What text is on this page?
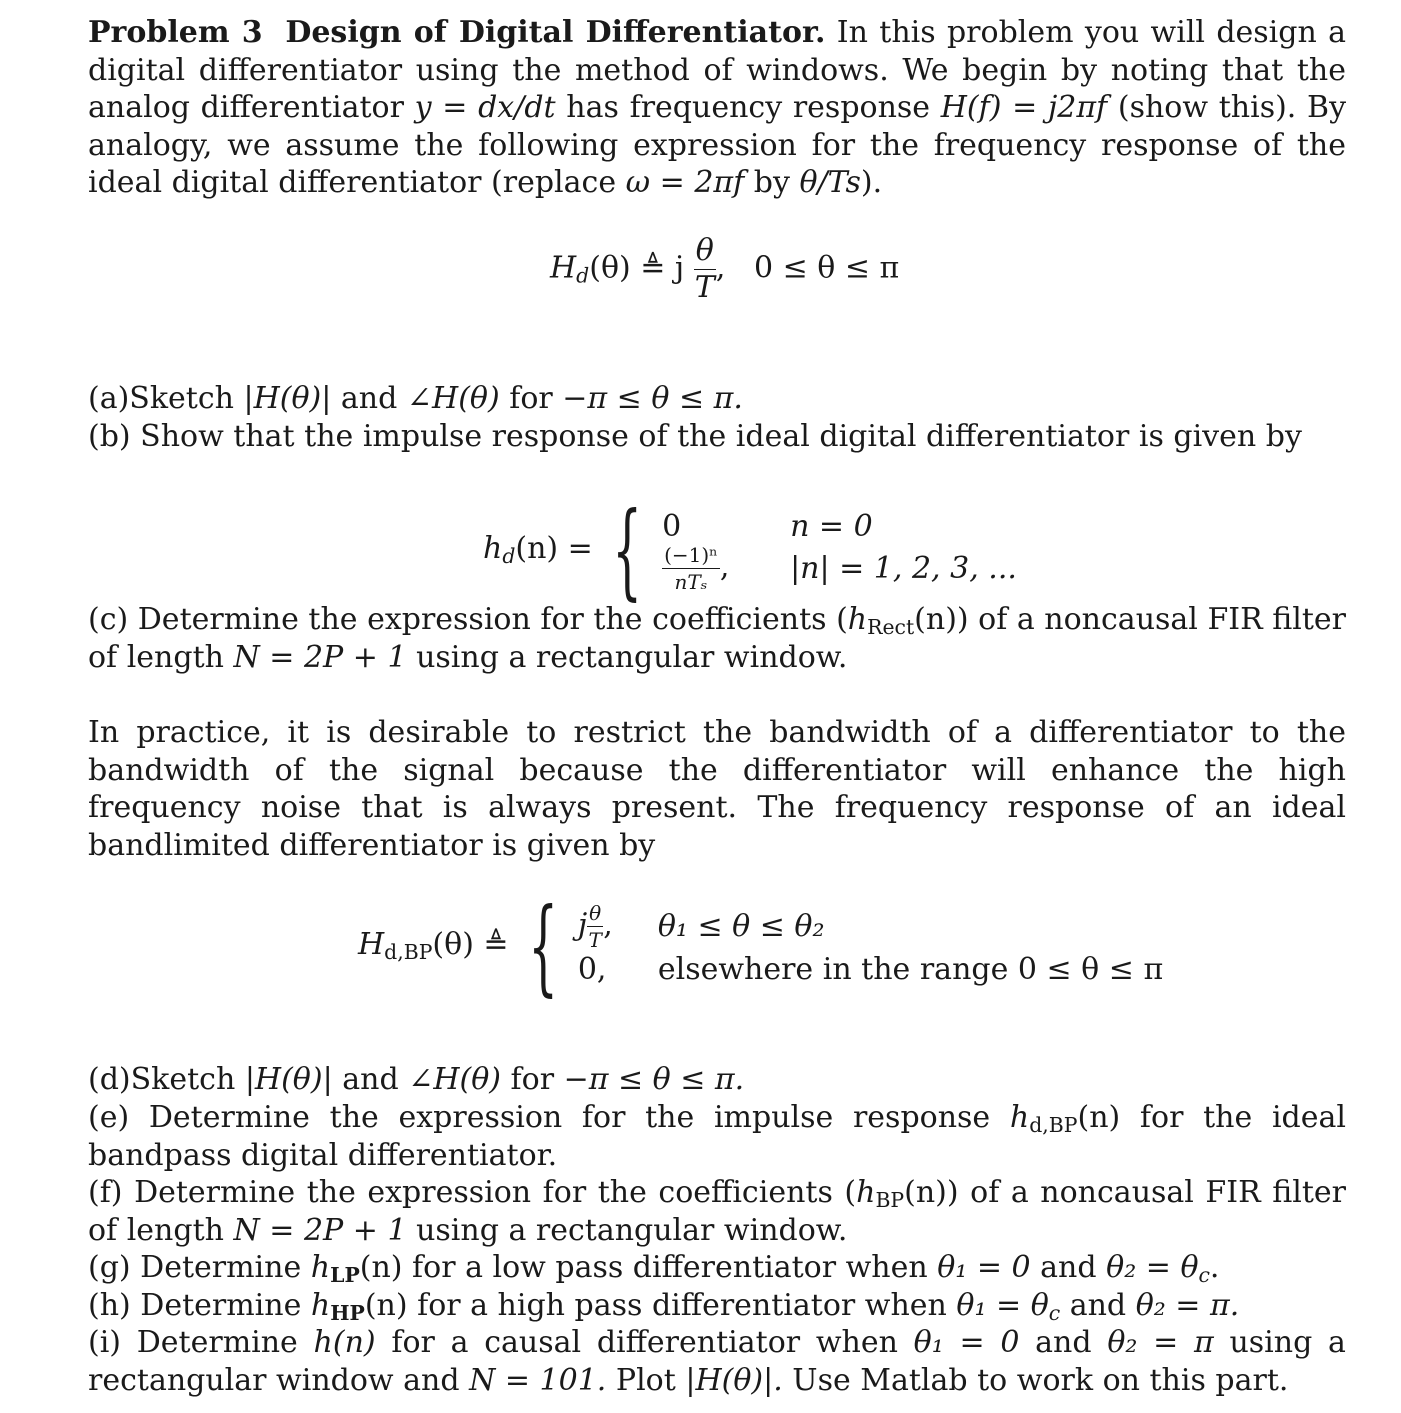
Problem 3 Design of Digital Differentiator. In this problem you will design a digital differentiator using the method of windows. We begin by noting that the analog differentiator y = dx/dt has frequency response H(f) = j2πf (show this). By analogy, we assume the following expression for the frequency response of the ideal digital differentiator (replace ω = 2πf by θ/Ts).

$H_d(\theta)$ ≜ j $\frac{\theta}{T}$ ,   0 ≤ θ ≤ π

(a)Sketch |H(θ)| and ∠H(θ) for −π ≤ θ ≤ π.

(b) Show that the impulse response of the ideal digital differentiator is given by

$h_d(n)$ = { 0	n = 0

$\frac{\text{(−1)ⁿ}}{\text{nTₛ}}$ ,	|n| = 1, 2, 3, ...

(c) Determine the expression for the coefficients $(h_{Rect}(n))$ of a noncausal FIR filter of length N = 2P + 1 using a rectangular window.

In practice, it is desirable to restrict the bandwidth of a differentiator to the bandwidth of the signal because the differentiator will enhance the high frequency noise that is always present. The frequency response of an ideal bandlimited differentiator is given by

$H_{d,BP}(\theta)$ ≜ { j $\frac{\theta}{T}$ ,	θ₁ ≤ θ ≤ θ₂
0,	elsewhere in the range 0 ≤ θ ≤ π

(d)Sketch |H(θ)| and ∠H(θ) for −π ≤ θ ≤ π.

(e) Determine the expression for the impulse response $h_{d,BP}(n)$ for the ideal bandpass digital differentiator.

(f) Determine the expression for the coefficients $(h_{BP}(n))$ of a noncausal FIR filter of length N = 2P + 1 using a rectangular window.

(g) Determine $h_{LP}(n)$ for a low pass differentiator when θ₁ = 0 and $\theta_2 = \theta_c$.

(h) Determine $h_{HP}(n)$ for a high pass differentiator when $\theta_1 = \theta_c$ and θ₂ = π.

(i) Determine h(n) for a causal differentiator when θ₁ = 0 and θ₂ = π using a rectangular window and N = 101. Plot |H(θ)|. Use Matlab to work on this part.
